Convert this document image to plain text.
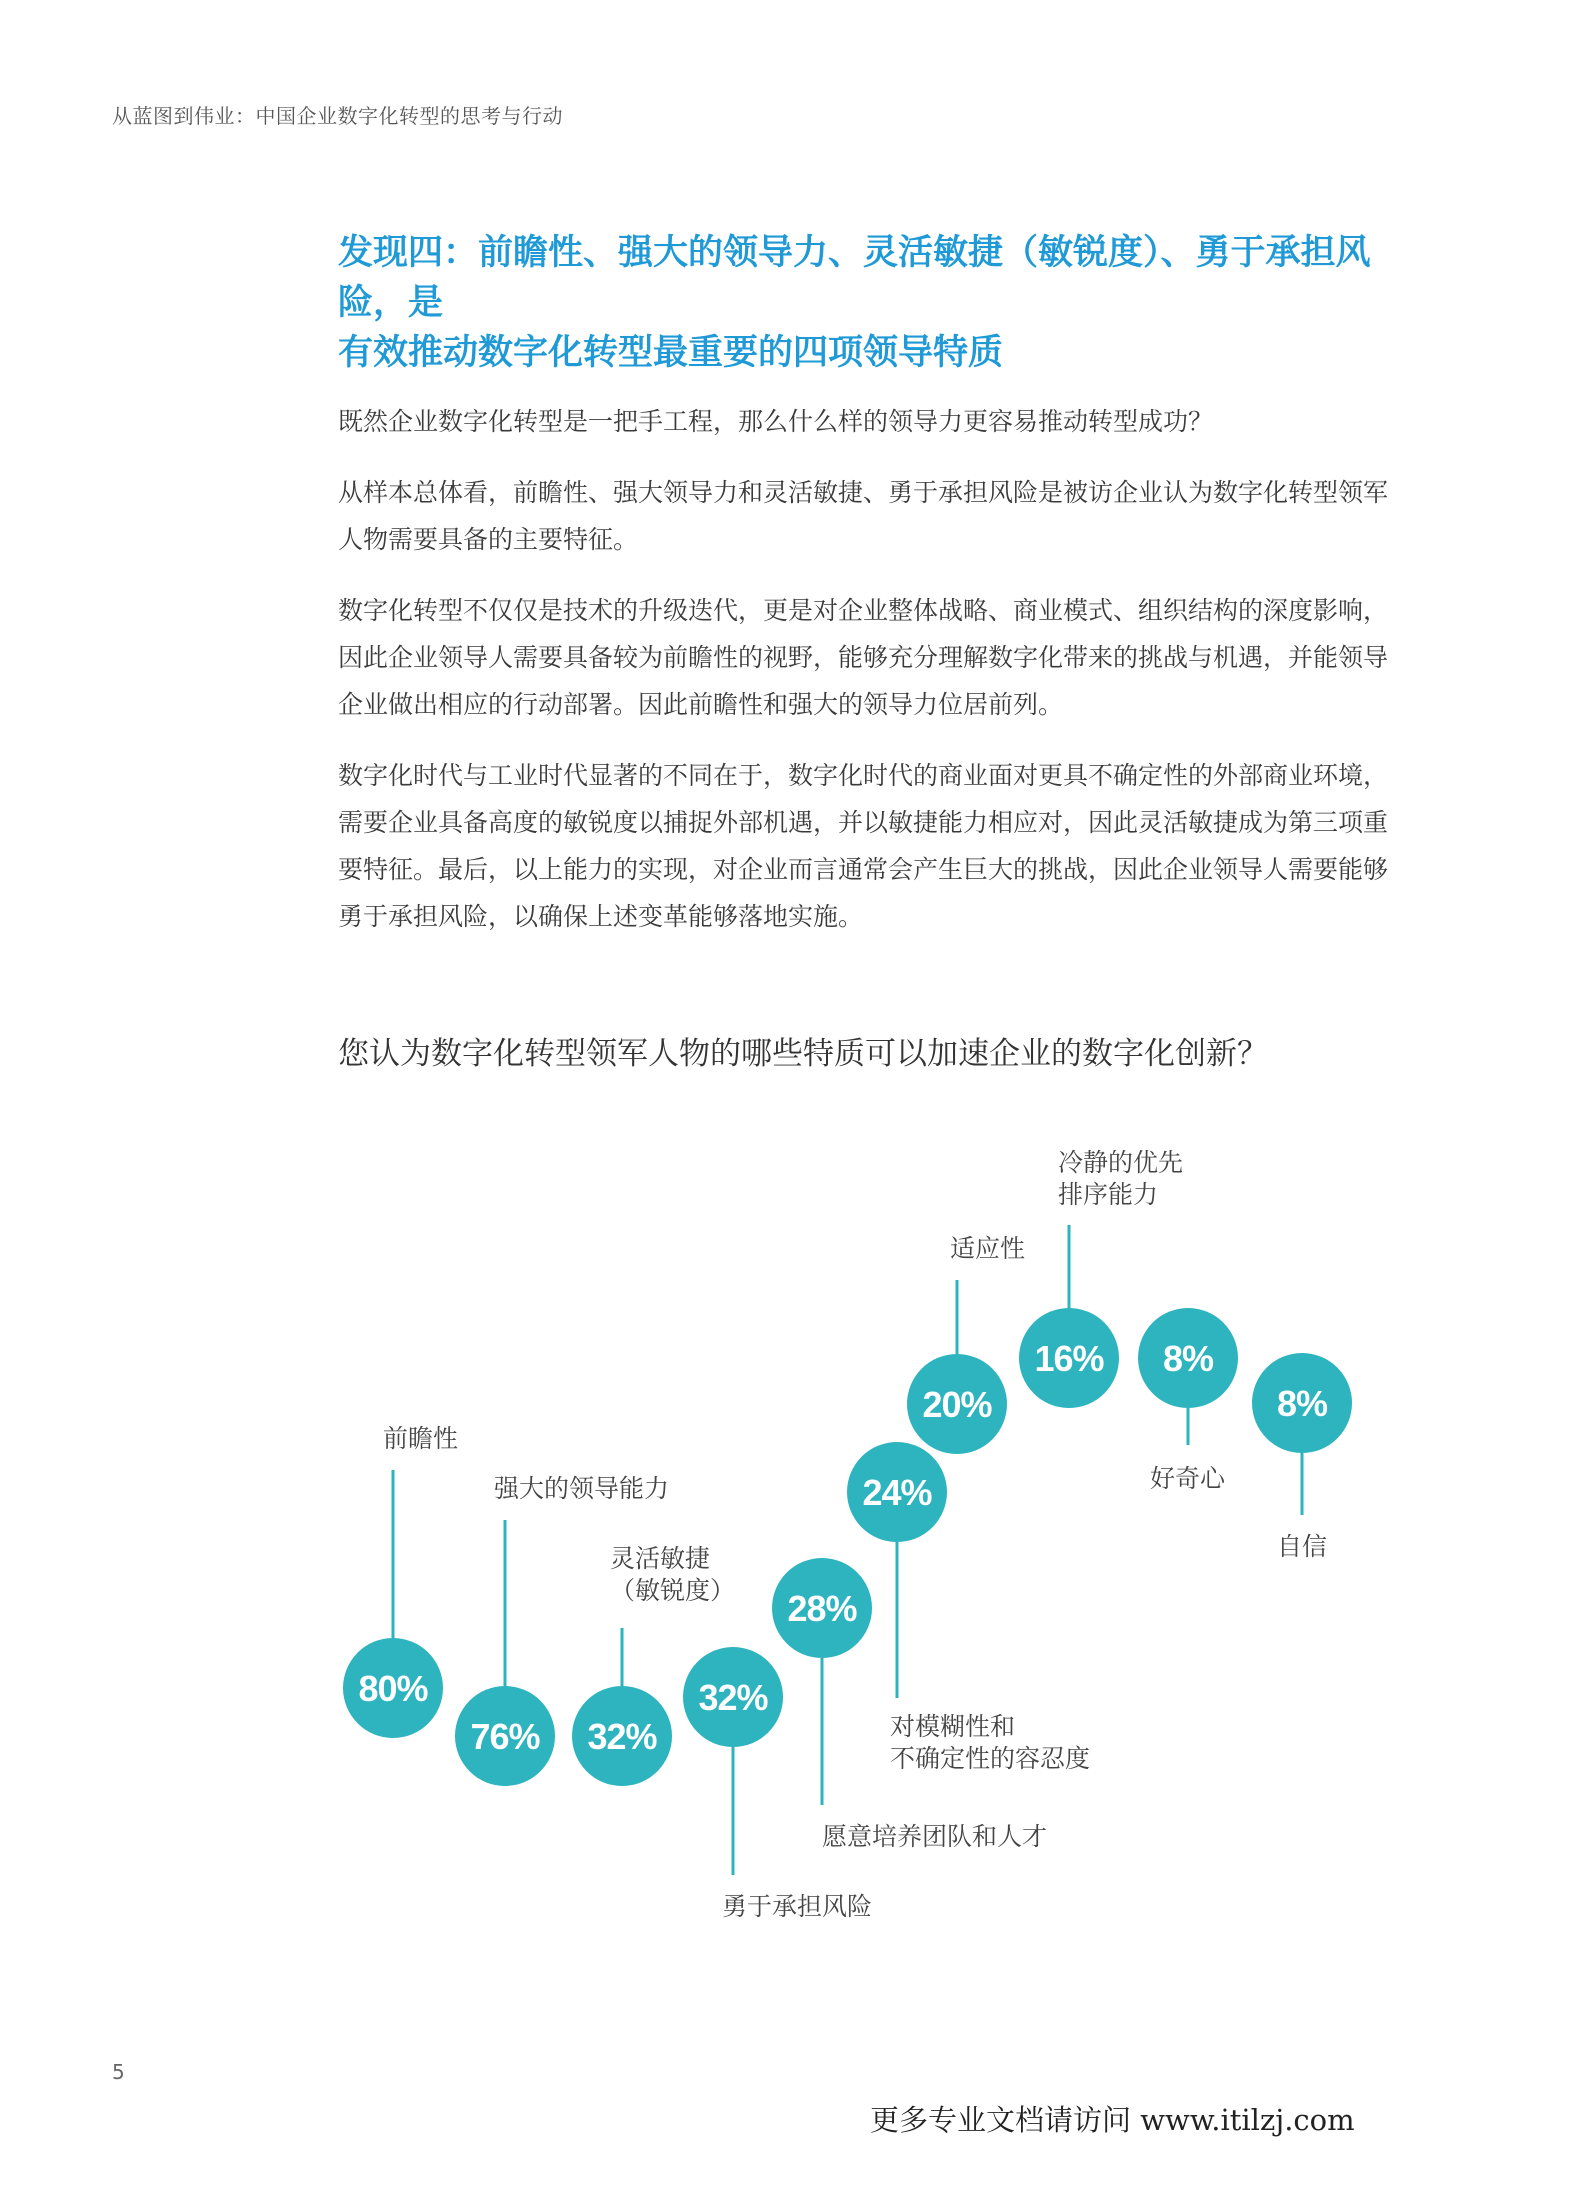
从蓝图到伟业：中国企业数字化转型的思考与行动
发现四：前瞻性、强大的领导力、灵活敏捷（敏锐度）、勇于承担风险，是
有效推动数字化转型最重要的四项领导特质

既然企业数字化转型是一把手工程，那么什么样的领导力更容易推动转型成功？

从样本总体看，前瞻性、强大领导力和灵活敏捷、勇于承担风险是被访企业认为数字化转型领军人物需要具备的主要特征。

数字化转型不仅仅是技术的升级迭代，更是对企业整体战略、商业模式、组织结构的深度影响，因此企业领导人需要具备较为前瞻性的视野，能够充分理解数字化带来的挑战与机遇，并能领导企业做出相应的行动部署。因此前瞻性和强大的领导力位居前列。

数字化时代与工业时代显著的不同在于，数字化时代的商业面对更具不确定性的外部商业环境，需要企业具备高度的敏锐度以捕捉外部机遇，并以敏捷能力相应对，因此灵活敏捷成为第三项重要特征。最后，以上能力的实现，对企业而言通常会产生巨大的挑战，因此企业领导人需要能够勇于承担风险，以确保上述变革能够落地实施。

您认为数字化转型领军人物的哪些特质可以加速企业的数字化创新？
80%
前瞻性
76%
强大的领导能力
32%
灵活敏捷（敏锐度）
32%
勇于承担风险
28%
愿意培养团队和人才
24%
对模糊性和不确定性的容忍度
20%
适应性
16%
冷静的优先排序能力
8%
好奇心
8%
自信
5
更多专业文档请访问 www.itilzj.com
